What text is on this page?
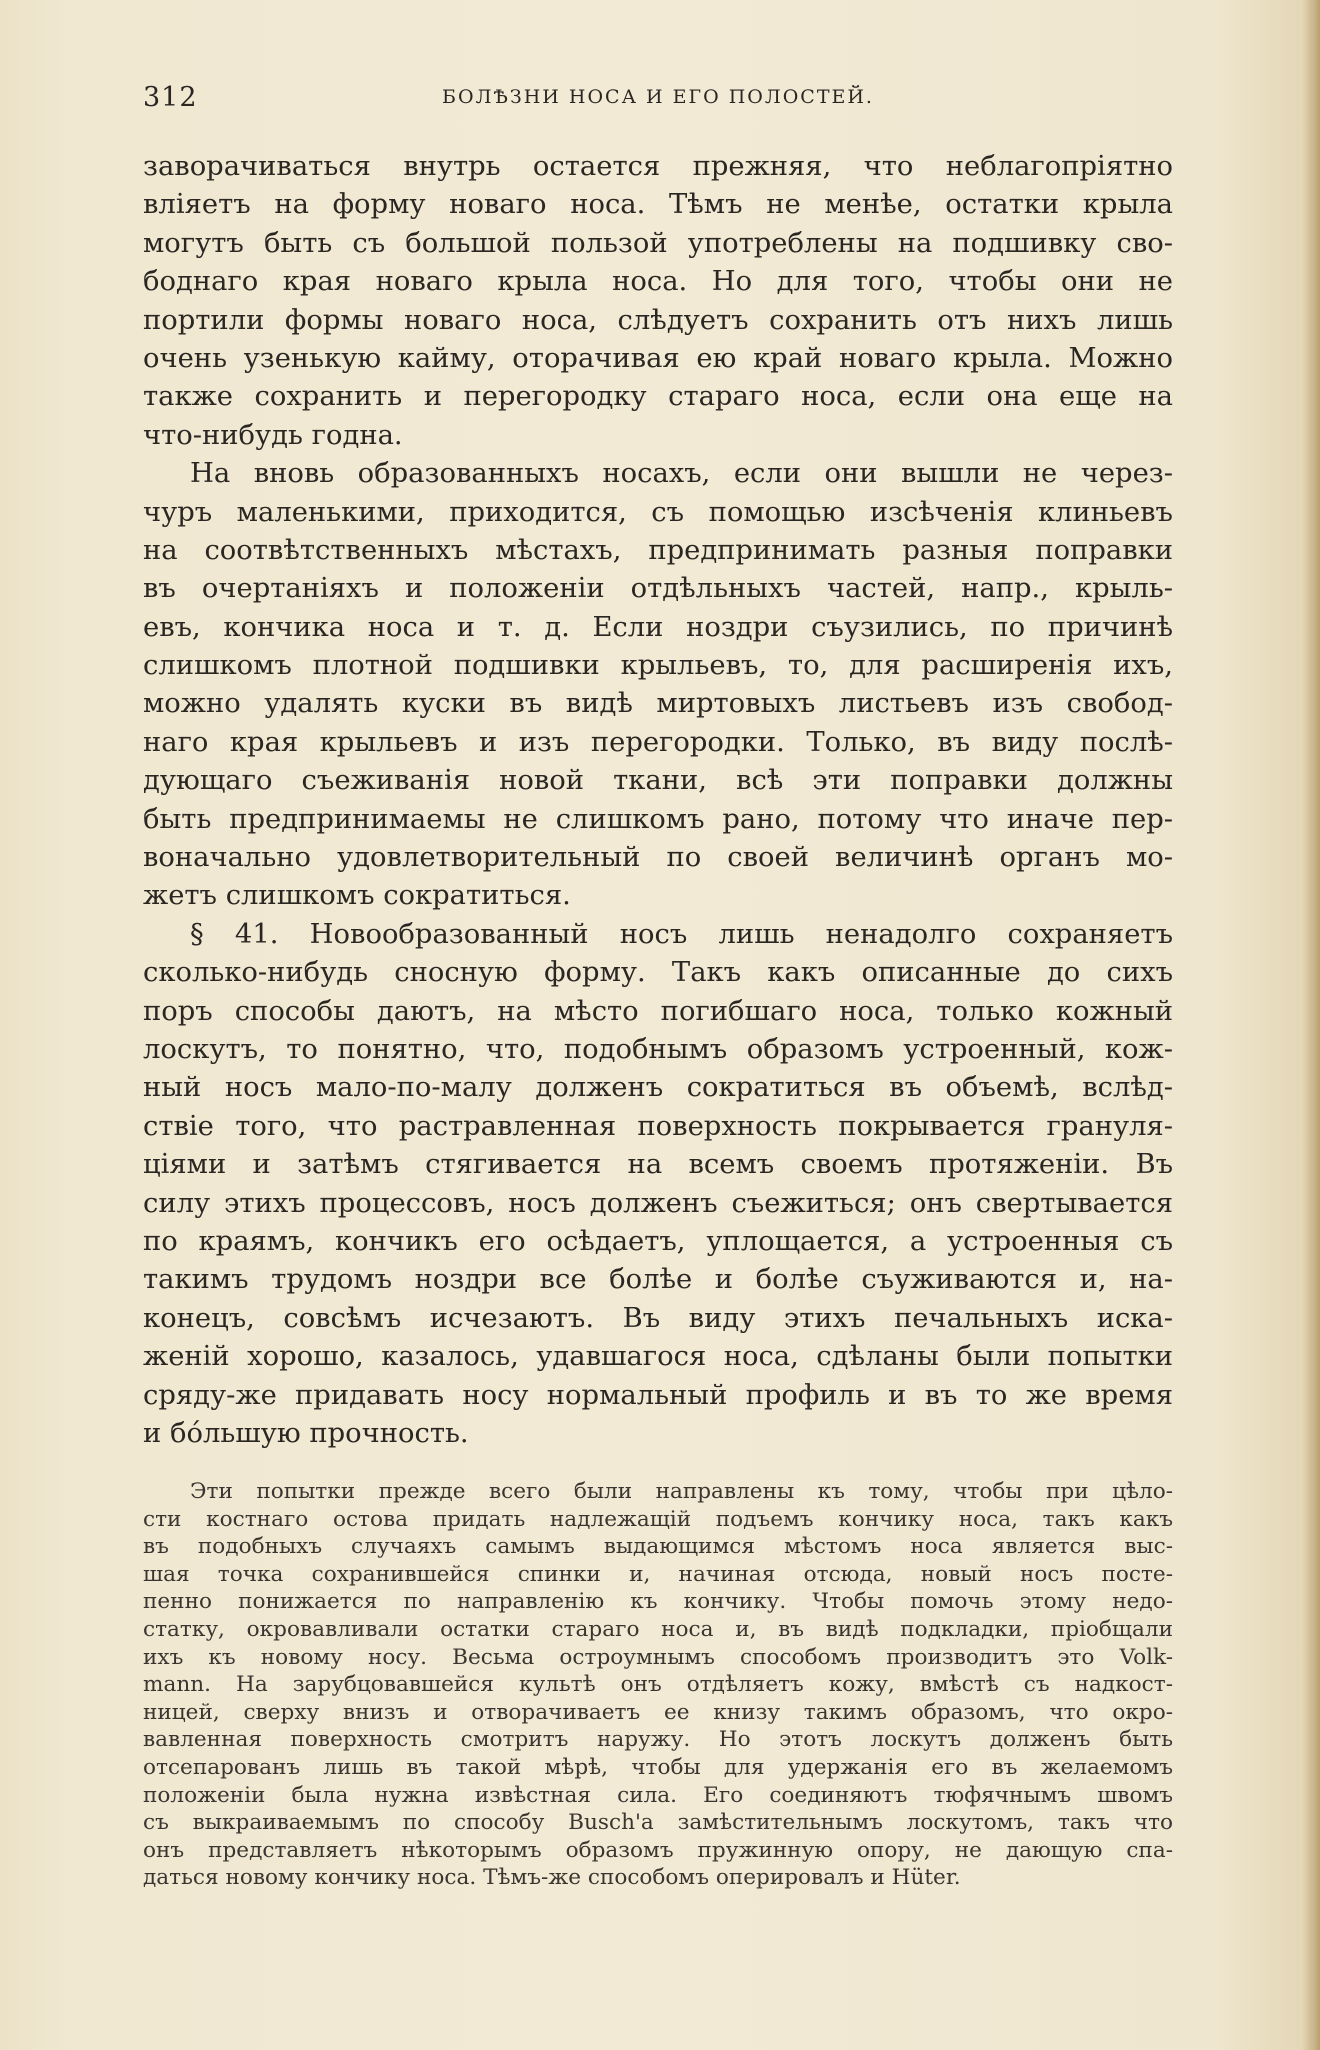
312	БОЛѢЗНИ НОСА И ЕГО ПОЛОСТЕЙ.
заворачиваться внутрь остается прежняя, что неблагопріятно
вліяетъ на форму новаго носа. Тѣмъ не менѣе, остатки крыла
могутъ быть съ большой пользой употреблены на подшивку сво-
боднаго края новаго крыла носа. Но для того, чтобы они не
портили формы новаго носа, слѣдуетъ сохранить отъ нихъ лишь
очень узенькую кайму, оторачивая ею край новаго крыла. Можно
также сохранить и перегородку стараго носа, если она еще на
что-нибудь годна.
На вновь образованныхъ носахъ, если они вышли не через-
чуръ маленькими, приходится, съ помощью изсѣченія клиньевъ
на соотвѣтственныхъ мѣстахъ, предпринимать разныя поправки
въ очертаніяхъ и положеніи отдѣльныхъ частей, напр., крыль-
евъ, кончика носа и т. д. Если ноздри съузились, по причинѣ
слишкомъ плотной подшивки крыльевъ, то, для расширенія ихъ,
можно удалять куски въ видѣ миртовыхъ листьевъ изъ свобод-
наго края крыльевъ и изъ перегородки. Только, въ виду послѣ-
дующаго съеживанія новой ткани, всѣ эти поправки должны
быть предпринимаемы не слишкомъ рано, потому что иначе пер-
воначально удовлетворительный по своей величинѣ органъ мо-
жетъ слишкомъ сократиться.
§ 41. Новообразованный носъ лишь ненадолго сохраняетъ
сколько-нибудь сносную форму. Такъ какъ описанные до сихъ
поръ способы даютъ, на мѣсто погибшаго носа, только кожный
лоскутъ, то понятно, что, подобнымъ образомъ устроенный, кож-
ный носъ мало-по-малу долженъ сократиться въ объемѣ, вслѣд-
ствіе того, что растравленная поверхность покрывается грануля-
ціями и затѣмъ стягивается на всемъ своемъ протяженіи. Въ
силу этихъ процессовъ, носъ долженъ съежиться; онъ свертывается
по краямъ, кончикъ его осѣдаетъ, уплощается, а устроенныя съ
такимъ трудомъ ноздри все болѣе и болѣе съуживаются и, на-
конецъ, совсѣмъ исчезаютъ. Въ виду этихъ печальныхъ иска-
женій хорошо, казалось, удавшагося носа, сдѣланы были попытки
сряду-же придавать носу нормальный профиль и въ то же время
и бóльшую прочность.
Эти попытки прежде всего были направлены къ тому, чтобы при цѣло-
сти костнаго остова придать надлежащій подъемъ кончику носа, такъ какъ
въ подобныхъ случаяхъ самымъ выдающимся мѣстомъ носа является выс-
шая точка сохранившейся спинки и, начиная отсюда, новый носъ посте-
пенно понижается по направленію къ кончику. Чтобы помочь этому недо-
статку, окровавливали остатки стараго носа и, въ видѣ подкладки, пріобщали
ихъ къ новому носу. Весьма остроумнымъ способомъ производитъ это Volk-
mann. На зарубцовавшейся культѣ онъ отдѣляетъ кожу, вмѣстѣ съ надкост-
ницей, сверху внизъ и отворачиваетъ ее книзу такимъ образомъ, что окро-
вавленная поверхность смотритъ наружу. Но этотъ лоскутъ долженъ быть
отсепарованъ лишь въ такой мѣрѣ, чтобы для удержанія его въ желаемомъ
положеніи была нужна извѣстная сила. Его соединяютъ тюфячнымъ швомъ
съ выкраиваемымъ по способу Busch'a замѣстительнымъ лоскутомъ, такъ что
онъ представляетъ нѣкоторымъ образомъ пружинную опору, не дающую спа-
даться новому кончику носа. Тѣмъ-же способомъ оперировалъ и Hüter.
